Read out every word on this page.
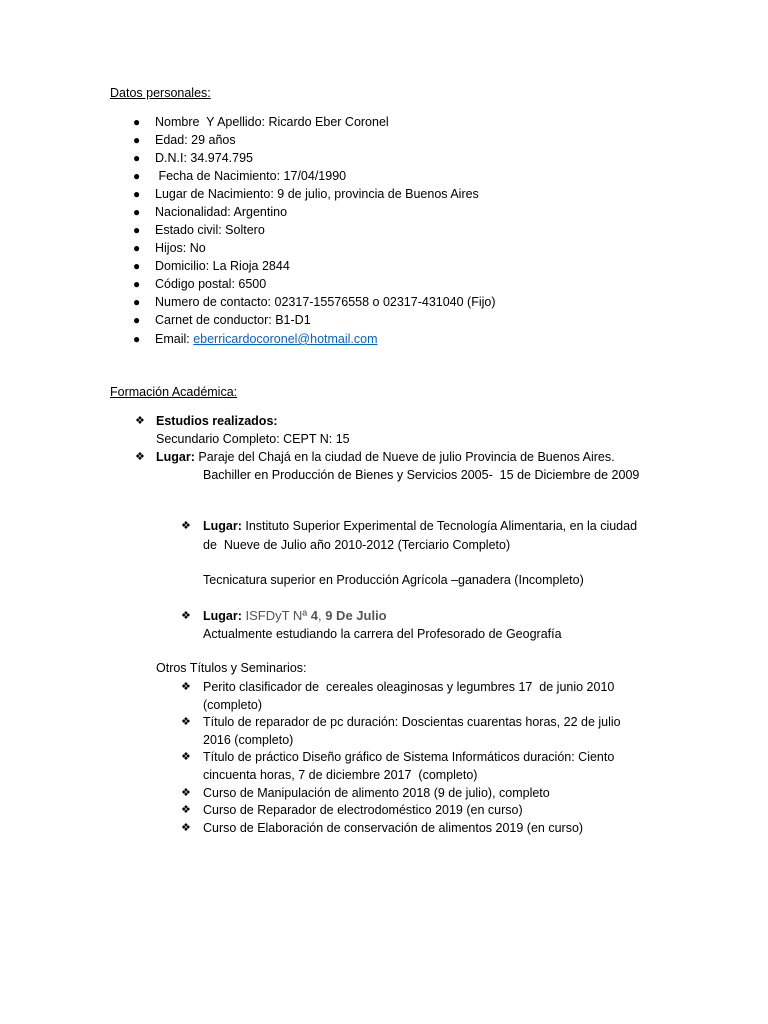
Datos personales:
● Nombre  Y Apellido: Ricardo Eber Coronel
● Edad: 29 años
● D.N.I: 34.974.795
● Fecha de Nacimiento: 17/04/1990
● Lugar de Nacimiento: 9 de julio, provincia de Buenos Aires
● Nacionalidad: Argentino
● Estado civil: Soltero
● Hijos: No
● Domicilio: La Rioja 2844
● Código postal: 6500
● Numero de contacto: 02317-15576558 o 02317-431040 (Fijo)
● Carnet de conductor: B1-D1
● Email: eberricardocoronel@hotmail.com
Formación Académica:
❖ Estudios realizados:
Secundario Completo: CEPT N: 15
❖ Lugar: Paraje del Chajá en la ciudad de Nueve de julio Provincia de Buenos Aires.
Bachiller en Producción de Bienes y Servicios 2005-  15 de Diciembre de 2009
❖ Lugar: Instituto Superior Experimental de Tecnología Alimentaria, en la ciudad
de  Nueve de Julio año 2010-2012 (Terciario Completo)
Tecnicatura superior en Producción Agrícola –ganadera (Incompleto)
❖ Lugar: ISFDyT Nª 4, 9 De Julio
Actualmente estudiando la carrera del Profesorado de Geografía
Otros Títulos y Seminarios:
❖ Perito clasificador de  cereales oleaginosas y legumbres 17  de junio 2010
(completo)
❖ Título de reparador de pc duración: Doscientas cuarentas horas, 22 de julio
2016 (completo)
❖ Título de práctico Diseño gráfico de Sistema Informáticos duración: Ciento
cincuenta horas, 7 de diciembre 2017  (completo)
❖ Curso de Manipulación de alimento 2018 (9 de julio), completo
❖ Curso de Reparador de electrodoméstico 2019 (en curso)
❖ Curso de Elaboración de conservación de alimentos 2019 (en curso)
